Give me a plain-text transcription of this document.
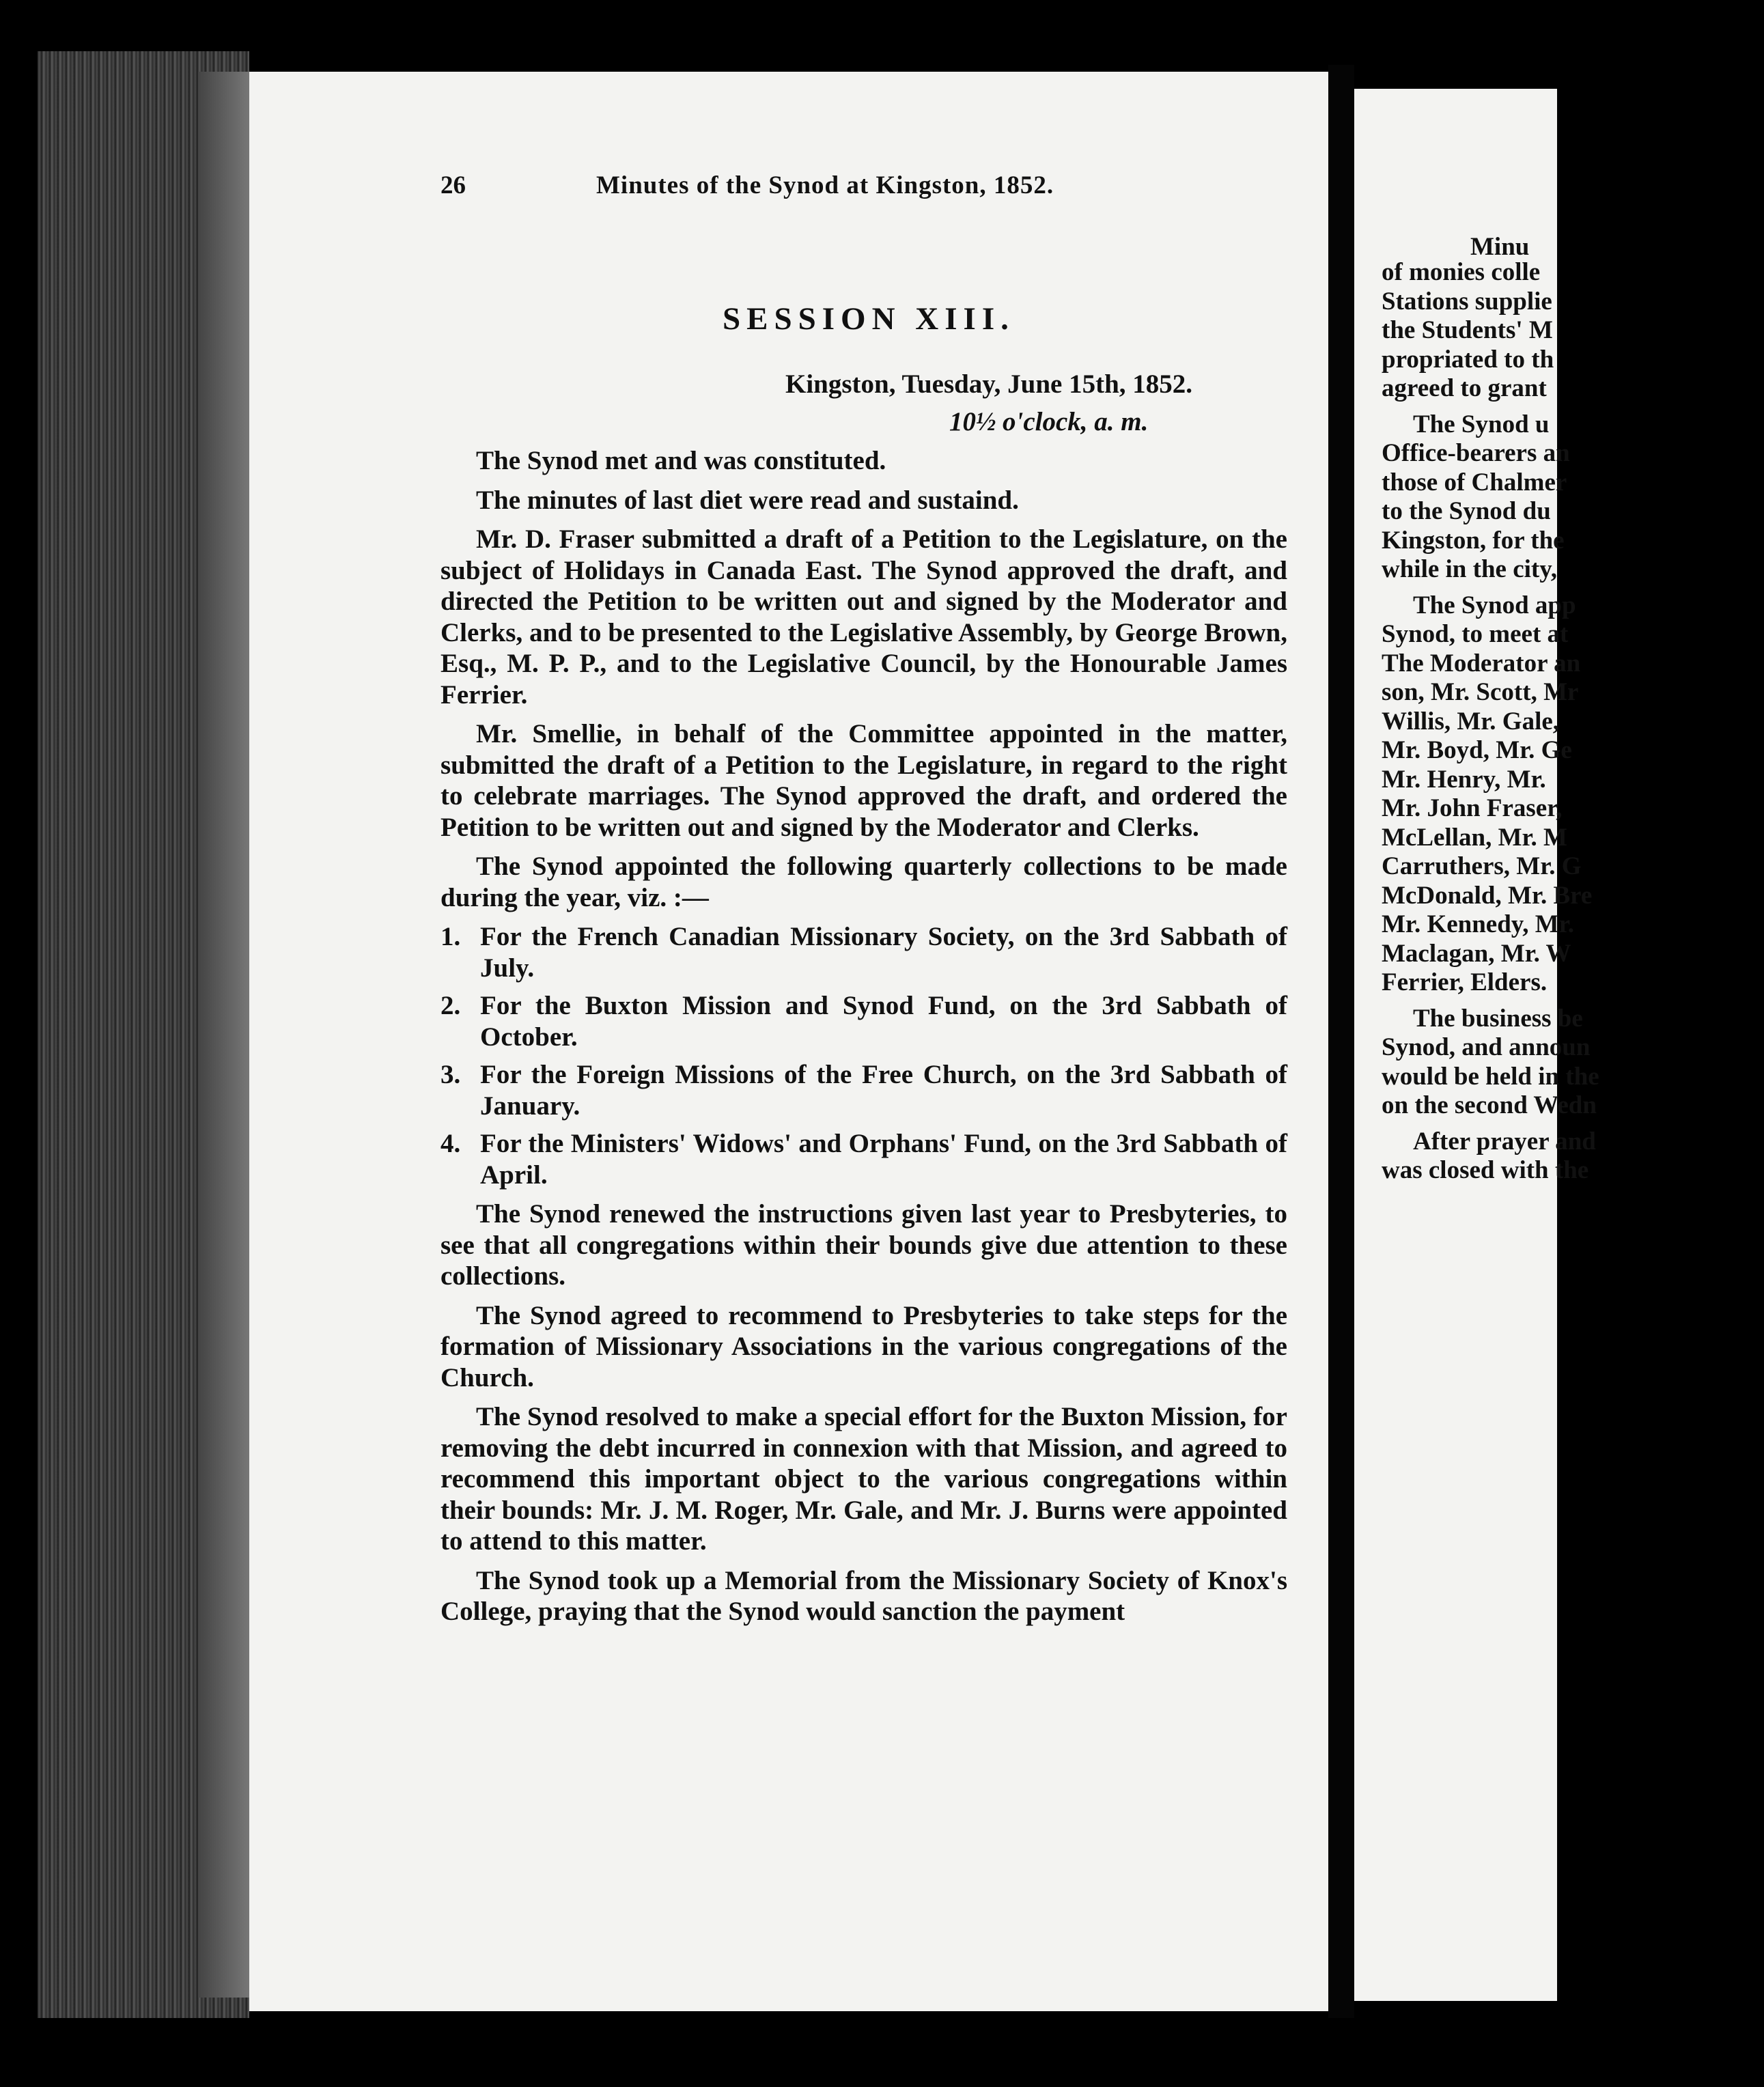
26	Minutes of the Synod at Kingston, 1852.
SESSION XIII.
Kingston, Tuesday, June 15th, 1852.
10½ o'clock, a. m.

The Synod met and was constituted.

The minutes of last diet were read and sustaind.

Mr. D. Fraser submitted a draft of a Petition to the Legislature, on the subject of Holidays in Canada East. The Synod approved the draft, and directed the Petition to be written out and signed by the Moderator and Clerks, and to be presented to the Legislative Assembly, by George Brown, Esq., M. P. P., and to the Legislative Council, by the Honourable James Ferrier.

Mr. Smellie, in behalf of the Committee appointed in the matter, submitted the draft of a Petition to the Legislature, in regard to the right to celebrate marriages. The Synod approved the draft, and ordered the Petition to be written out and signed by the Moderator and Clerks.

The Synod appointed the following quarterly collections to be made during the year, viz. :—

1. For the French Canadian Missionary Society, on the 3rd Sabbath of July.
2. For the Buxton Mission and Synod Fund, on the 3rd Sabbath of October.
3. For the Foreign Missions of the Free Church, on the 3rd Sabbath of January.
4. For the Ministers' Widows' and Orphans' Fund, on the 3rd Sabbath of April.

The Synod renewed the instructions given last year to Presbyteries, to see that all congregations within their bounds give due attention to these collections.

The Synod agreed to recommend to Presbyteries to take steps for the formation of Missionary Associations in the various congregations of the Church.

The Synod resolved to make a special effort for the Buxton Mission, for removing the debt incurred in connexion with that Mission, and agreed to recommend this important object to the various congregations within their bounds: Mr. J. M. Roger, Mr. Gale, and Mr. J. Burns were appointed to attend to this matter.

The Synod took up a Memorial from the Missionary Society of Knox's College, praying that the Synod would sanction the payment

Minu
of monies colle
Stations supplie
the Students' M
propriated to th
agreed to grant
The Synod u
Office-bearers an
those of Chalmer
to the Synod du
Kingston, for the
while in the city,
The Synod app
Synod, to meet at
The Moderator an
son, Mr. Scott, Mr
Willis, Mr. Gale,
Mr. Boyd, Mr. Ge
Mr. Henry, Mr.
Mr. John Fraser,
McLellan, Mr. M
Carruthers, Mr. G
McDonald, Mr. Bre
Mr. Kennedy, Mr.
Maclagan, Mr. W
Ferrier, Elders.
The business be
Synod, and announ
would be held in the
on the second Wedn
After prayer and
was closed with the
